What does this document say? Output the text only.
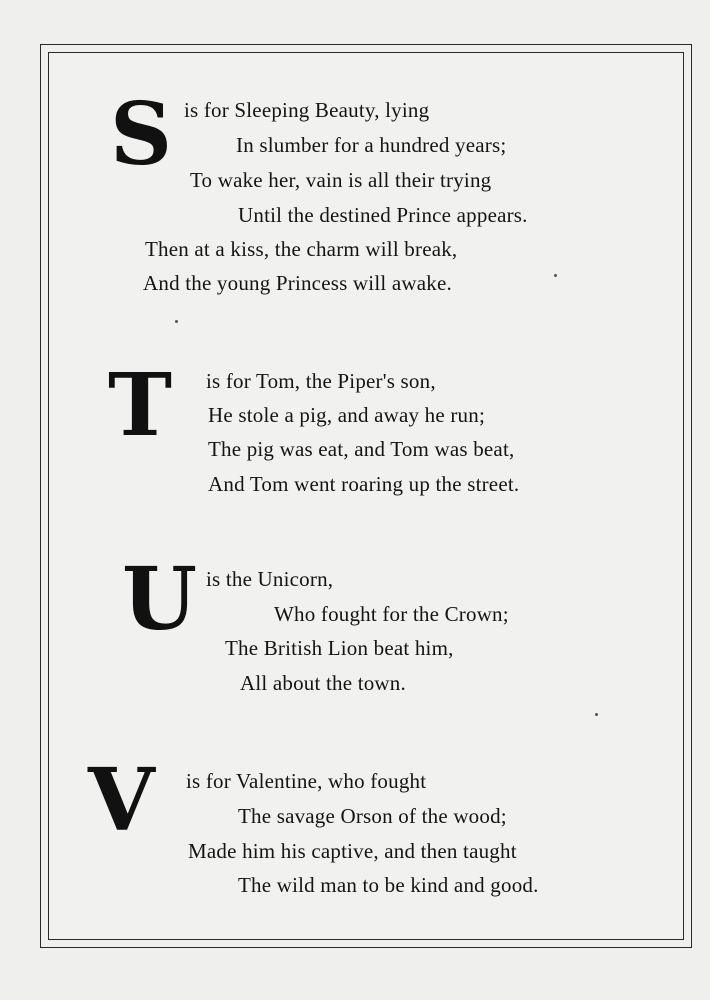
S is for Sleeping Beauty, lying
In slumber for a hundred years;
To wake her, vain is all their trying
Until the destined Prince appears.
Then at a kiss, the charm will break,
And the young Princess will awake.
T is for Tom, the Piper's son,
He stole a pig, and away he run;
The pig was eat, and Tom was beat,
And Tom went roaring up the street.
U is the Unicorn,
Who fought for the Crown;
The British Lion beat him,
All about the town.
V is for Valentine, who fought
The savage Orson of the wood;
Made him his captive, and then taught
The wild man to be kind and good.
